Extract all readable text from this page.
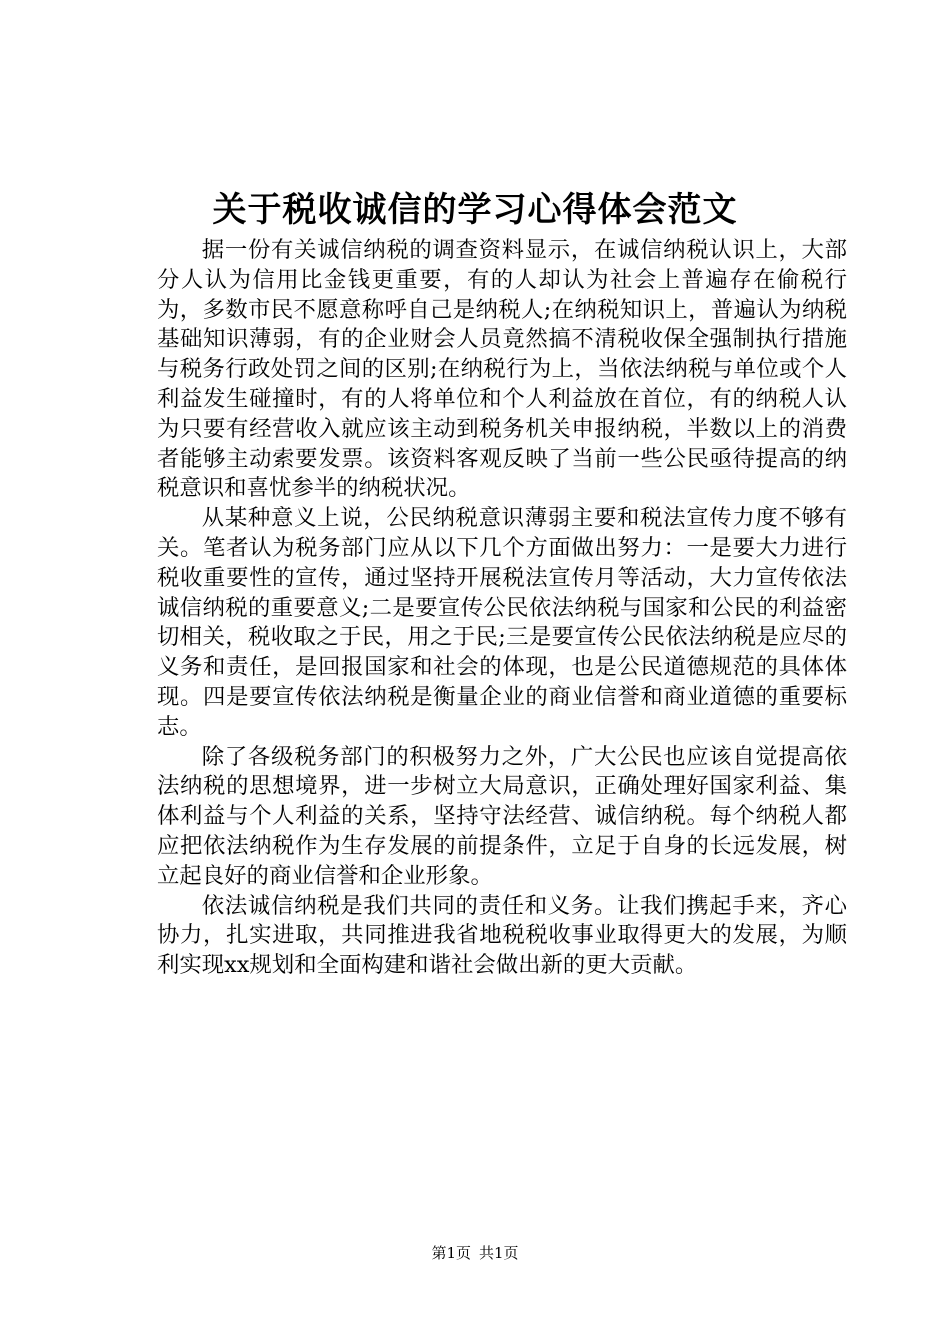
关于税收诚信的学习心得体会范文

据一份有关诚信纳税的调查资料显示，在诚信纳税认识上，大部分人认为信用比金钱更重要，有的人却认为社会上普遍存在偷税行为，多数市民不愿意称呼自己是纳税人;在纳税知识上，普遍认为纳税基础知识薄弱，有的企业财会人员竟然搞不清税收保全强制执行措施与税务行政处罚之间的区别;在纳税行为上，当依法纳税与单位或个人利益发生碰撞时，有的人将单位和个人利益放在首位，有的纳税人认为只要有经营收入就应该主动到税务机关申报纳税，半数以上的消费者能够主动索要发票。该资料客观反映了当前一些公民亟待提高的纳税意识和喜忧参半的纳税状况。

从某种意义上说，公民纳税意识薄弱主要和税法宣传力度不够有关。笔者认为税务部门应从以下几个方面做出努力：一是要大力进行税收重要性的宣传，通过坚持开展税法宣传月等活动，大力宣传依法诚信纳税的重要意义;二是要宣传公民依法纳税与国家和公民的利益密切相关，税收取之于民，用之于民;三是要宣传公民依法纳税是应尽的义务和责任，是回报国家和社会的体现，也是公民道德规范的具体体现。四是要宣传依法纳税是衡量企业的商业信誉和商业道德的重要标志。

除了各级税务部门的积极努力之外，广大公民也应该自觉提高依法纳税的思想境界，进一步树立大局意识，正确处理好国家利益、集体利益与个人利益的关系，坚持守法经营、诚信纳税。每个纳税人都应把依法纳税作为生存发展的前提条件，立足于自身的长远发展，树立起良好的商业信誉和企业形象。

依法诚信纳税是我们共同的责任和义务。让我们携起手来，齐心协力，扎实进取，共同推进我省地税税收事业取得更大的发展，为顺利实现xx规划和全面构建和谐社会做出新的更大贡献。

第1页 共1页
